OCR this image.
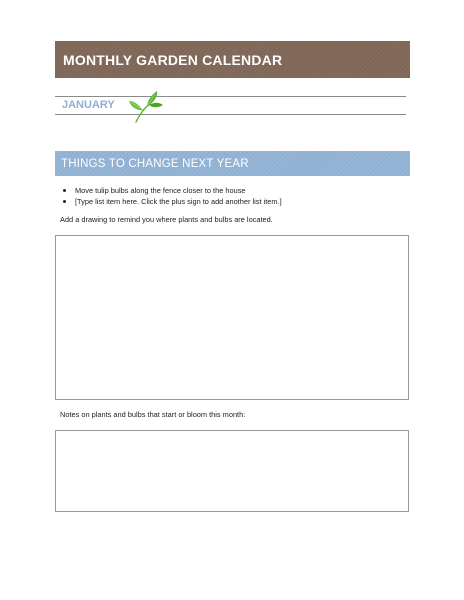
MONTHLY GARDEN CALENDAR
JANUARY
THINGS TO CHANGE NEXT YEAR
Move tulip bulbs along the fence closer to the house
[Type list item here. Click the plus sign to add another list item.]
Add a drawing to remind you where plants and bulbs are located.
Notes on plants and bulbs that start or bloom this month:
